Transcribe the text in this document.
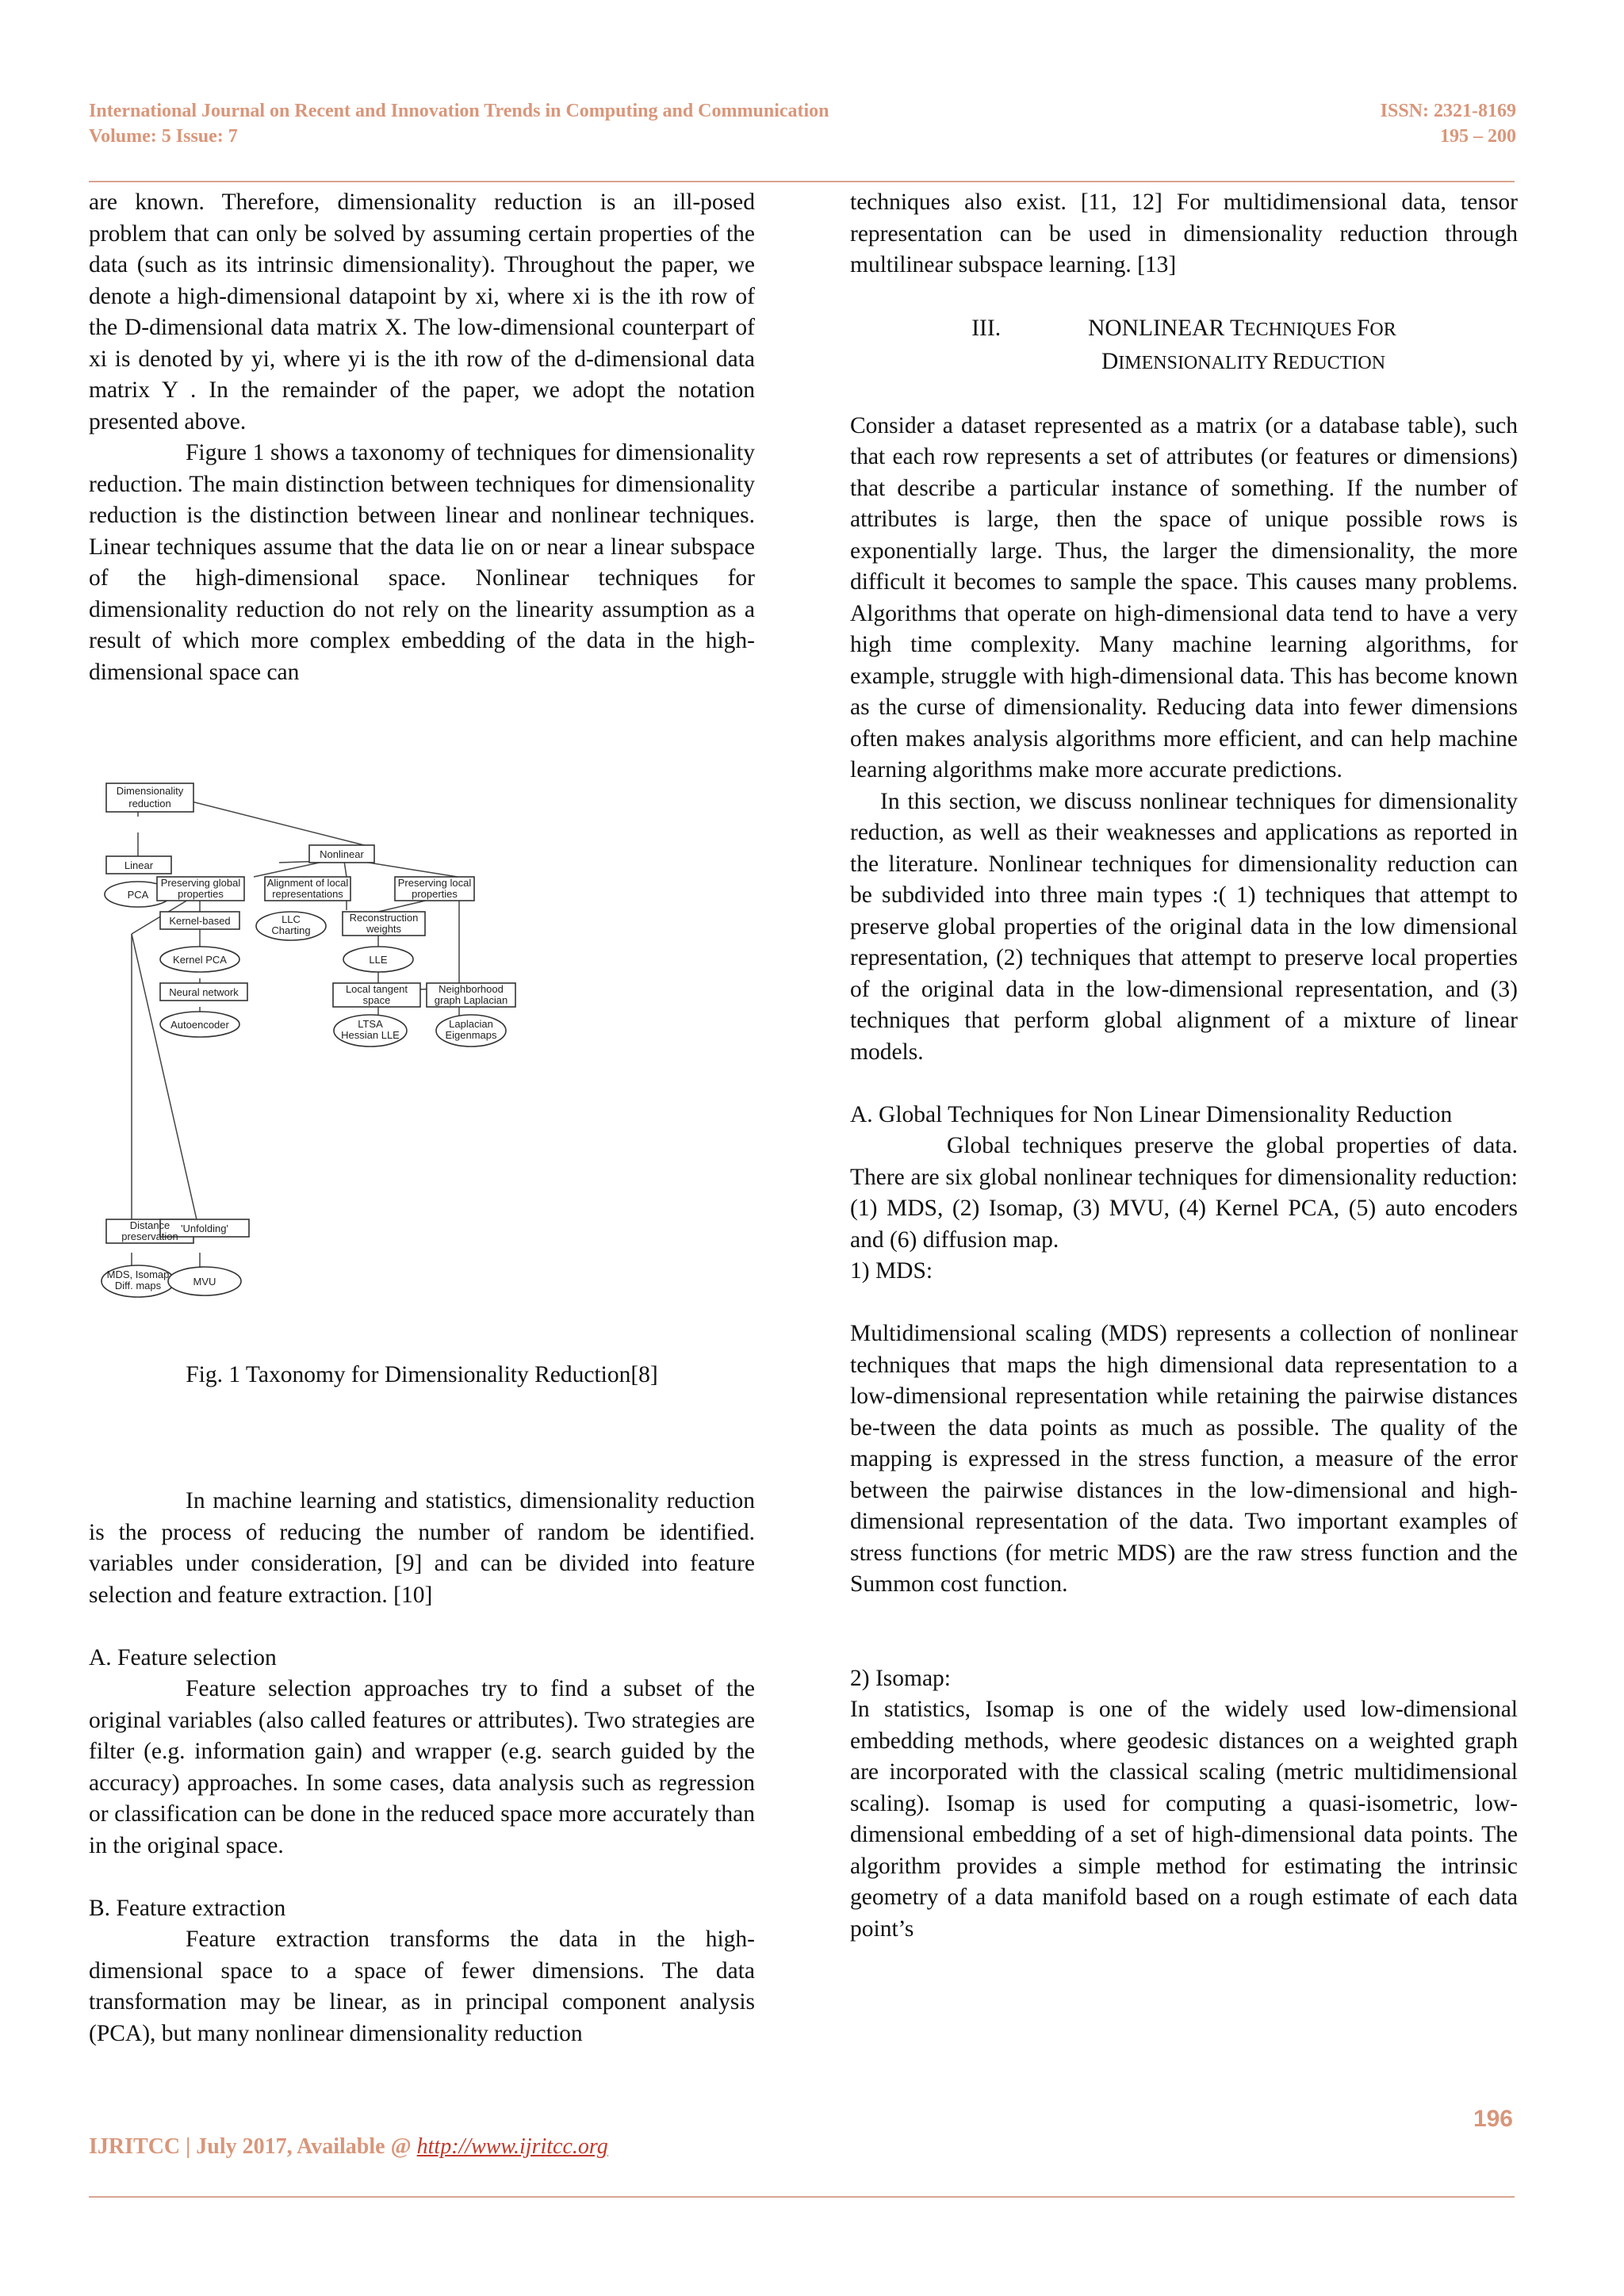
International Journal on Recent and Innovation Trends in Computing and Communication
Volume: 5 Issue: 7
ISSN: 2321-8169
195 – 200

are known. Therefore, dimensionality reduction is an ill-posed problem that can only be solved by assuming certain properties of the data (such as its intrinsic dimensionality). Throughout the paper, we denote a high-dimensional datapoint by xi, where xi is the ith row of the D-dimensional data matrix X. The low-dimensional counterpart of xi is denoted by yi, where yi is the ith row of the d-dimensional data matrix Y . In the remainder of the paper, we adopt the notation presented above.

Figure 1 shows a taxonomy of techniques for dimensionality reduction. The main distinction between techniques for dimensionality reduction is the distinction between linear and nonlinear techniques. Linear techniques assume that the data lie on or near a linear subspace of the high-dimensional space. Nonlinear techniques for dimensionality reduction do not rely on the linearity assumption as a result of which more complex embedding of the data in the high-dimensional space can

Dimensionality
reduction
Linear
Nonlinear
PCA
Preserving global
properties
Alignment of local
representations
Preserving local
properties
Kernel-based	LLC
Charting
Reconstruction
weights
Kernel PCA	LLE
Neural network	Local tangent
space
Neighborhood
graph Laplacian
Autoencoder	LTSA
Hessian LLE
Laplacian
Eigenmaps
Distance
preservation
'Unfolding'
MDS, Isomap
Diff. maps	MVU
Fig. 1 Taxonomy for Dimensionality Reduction[8]

In machine learning and statistics, dimensionality reduction is the process of reducing the number of random be identified. variables under consideration, [9] and can be divided into feature selection and feature extraction. [10]

A. Feature selection

Feature selection approaches try to find a subset of the original variables (also called features or attributes). Two strategies are filter (e.g. information gain) and wrapper (e.g. search guided by the accuracy) approaches. In some cases, data analysis such as regression or classification can be done in the reduced space more accurately than in the original space.

B. Feature extraction

Feature extraction transforms the data in the high-dimensional space to a space of fewer dimensions. The data transformation may be linear, as in principal component analysis (PCA), but many nonlinear dimensionality reduction

techniques also exist. [11, 12] For multidimensional data, tensor representation can be used in dimensionality reduction through multilinear subspace learning. [13]

III.	NONLINEAR TECHNIQUES FOR
DIMENSIONALITY REDUCTION

Consider a dataset represented as a matrix (or a database table), such that each row represents a set of attributes (or features or dimensions) that describe a particular instance of something. If the number of attributes is large, then the space of unique possible rows is exponentially large. Thus, the larger the dimensionality, the more difficult it becomes to sample the space. This causes many problems. Algorithms that operate on high-dimensional data tend to have a very high time complexity. Many machine learning algorithms, for example, struggle with high-dimensional data. This has become known as the curse of dimensionality. Reducing data into fewer dimensions often makes analysis algorithms more efficient, and can help machine learning algorithms make more accurate predictions.

In this section, we discuss nonlinear techniques for dimensionality reduction, as well as their weaknesses and applications as reported in the literature. Nonlinear techniques for dimensionality reduction can be subdivided into three main types :( 1) techniques that attempt to preserve global properties of the original data in the low dimensional representation, (2) techniques that attempt to preserve local properties of the original data in the low-dimensional representation, and (3) techniques that perform global alignment of a mixture of linear models.

A. Global Techniques for Non Linear Dimensionality Reduction

Global techniques preserve the global properties of data. There are six global nonlinear techniques for dimensionality reduction: (1) MDS, (2) Isomap, (3) MVU, (4) Kernel PCA, (5) auto encoders and (6) diffusion map.

1) MDS:

Multidimensional scaling (MDS) represents a collection of nonlinear techniques that maps the high dimensional data representation to a low-dimensional representation while retaining the pairwise distances be-tween the data points as much as possible. The quality of the mapping is expressed in the stress function, a measure of the error between the pairwise distances in the low-dimensional and high-dimensional representation of the data. Two important examples of stress functions (for metric MDS) are the raw stress function and the Summon cost function.

2) Isomap:

In statistics, Isomap is one of the widely used low-dimensional embedding methods, where geodesic distances on a weighted graph are incorporated with the classical scaling (metric multidimensional scaling). Isomap is used for computing a quasi-isometric, low-dimensional embedding of a set of high-dimensional data points. The algorithm provides a simple method for estimating the intrinsic geometry of a data manifold based on a rough estimate of each data point’s

196
IJRITCC | July 2017, Available @ http://www.ijritcc.org
